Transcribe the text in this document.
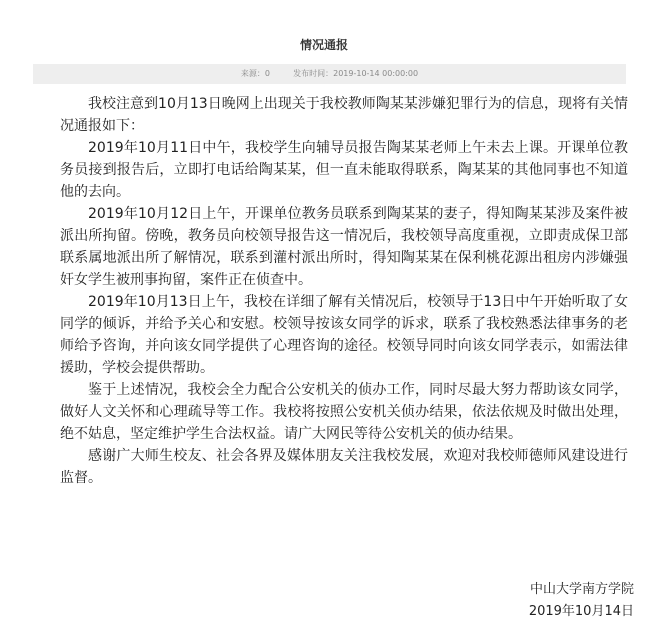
情况通报
来源：0	发布时间：2019-10-14 00:00:00

我校注意到10月13日晚网上出现关于我校教师陶某某涉嫌犯罪行为的信息，现将有关情况通报如下：

2019年10月11日中午，我校学生向辅导员报告陶某某老师上午未去上课。开课单位教务员接到报告后，立即打电话给陶某某，但一直未能取得联系，陶某某的其他同事也不知道他的去向。

2019年10月12日上午，开课单位教务员联系到陶某某的妻子，得知陶某某涉及案件被派出所拘留。傍晚，教务员向校领导报告这一情况后，我校领导高度重视，立即责成保卫部联系属地派出所了解情况，联系到灌村派出所时，得知陶某某在保利桃花源出租房内涉嫌强奸女学生被刑事拘留，案件正在侦查中。

2019年10月13日上午，我校在详细了解有关情况后，校领导于13日中午开始听取了女同学的倾诉，并给予关心和安慰。校领导按该女同学的诉求，联系了我校熟悉法律事务的老师给予咨询，并向该女同学提供了心理咨询的途径。校领导同时向该女同学表示，如需法律援助，学校会提供帮助。

鉴于上述情况，我校会全力配合公安机关的侦办工作，同时尽最大努力帮助该女同学，做好人文关怀和心理疏导等工作。我校将按照公安机关侦办结果，依法依规及时做出处理，绝不姑息，坚定维护学生合法权益。请广大网民等待公安机关的侦办结果。

感谢广大师生校友、社会各界及媒体朋友关注我校发展，欢迎对我校师德师风建设进行监督。

中山大学南方学院
2019年10月14日
